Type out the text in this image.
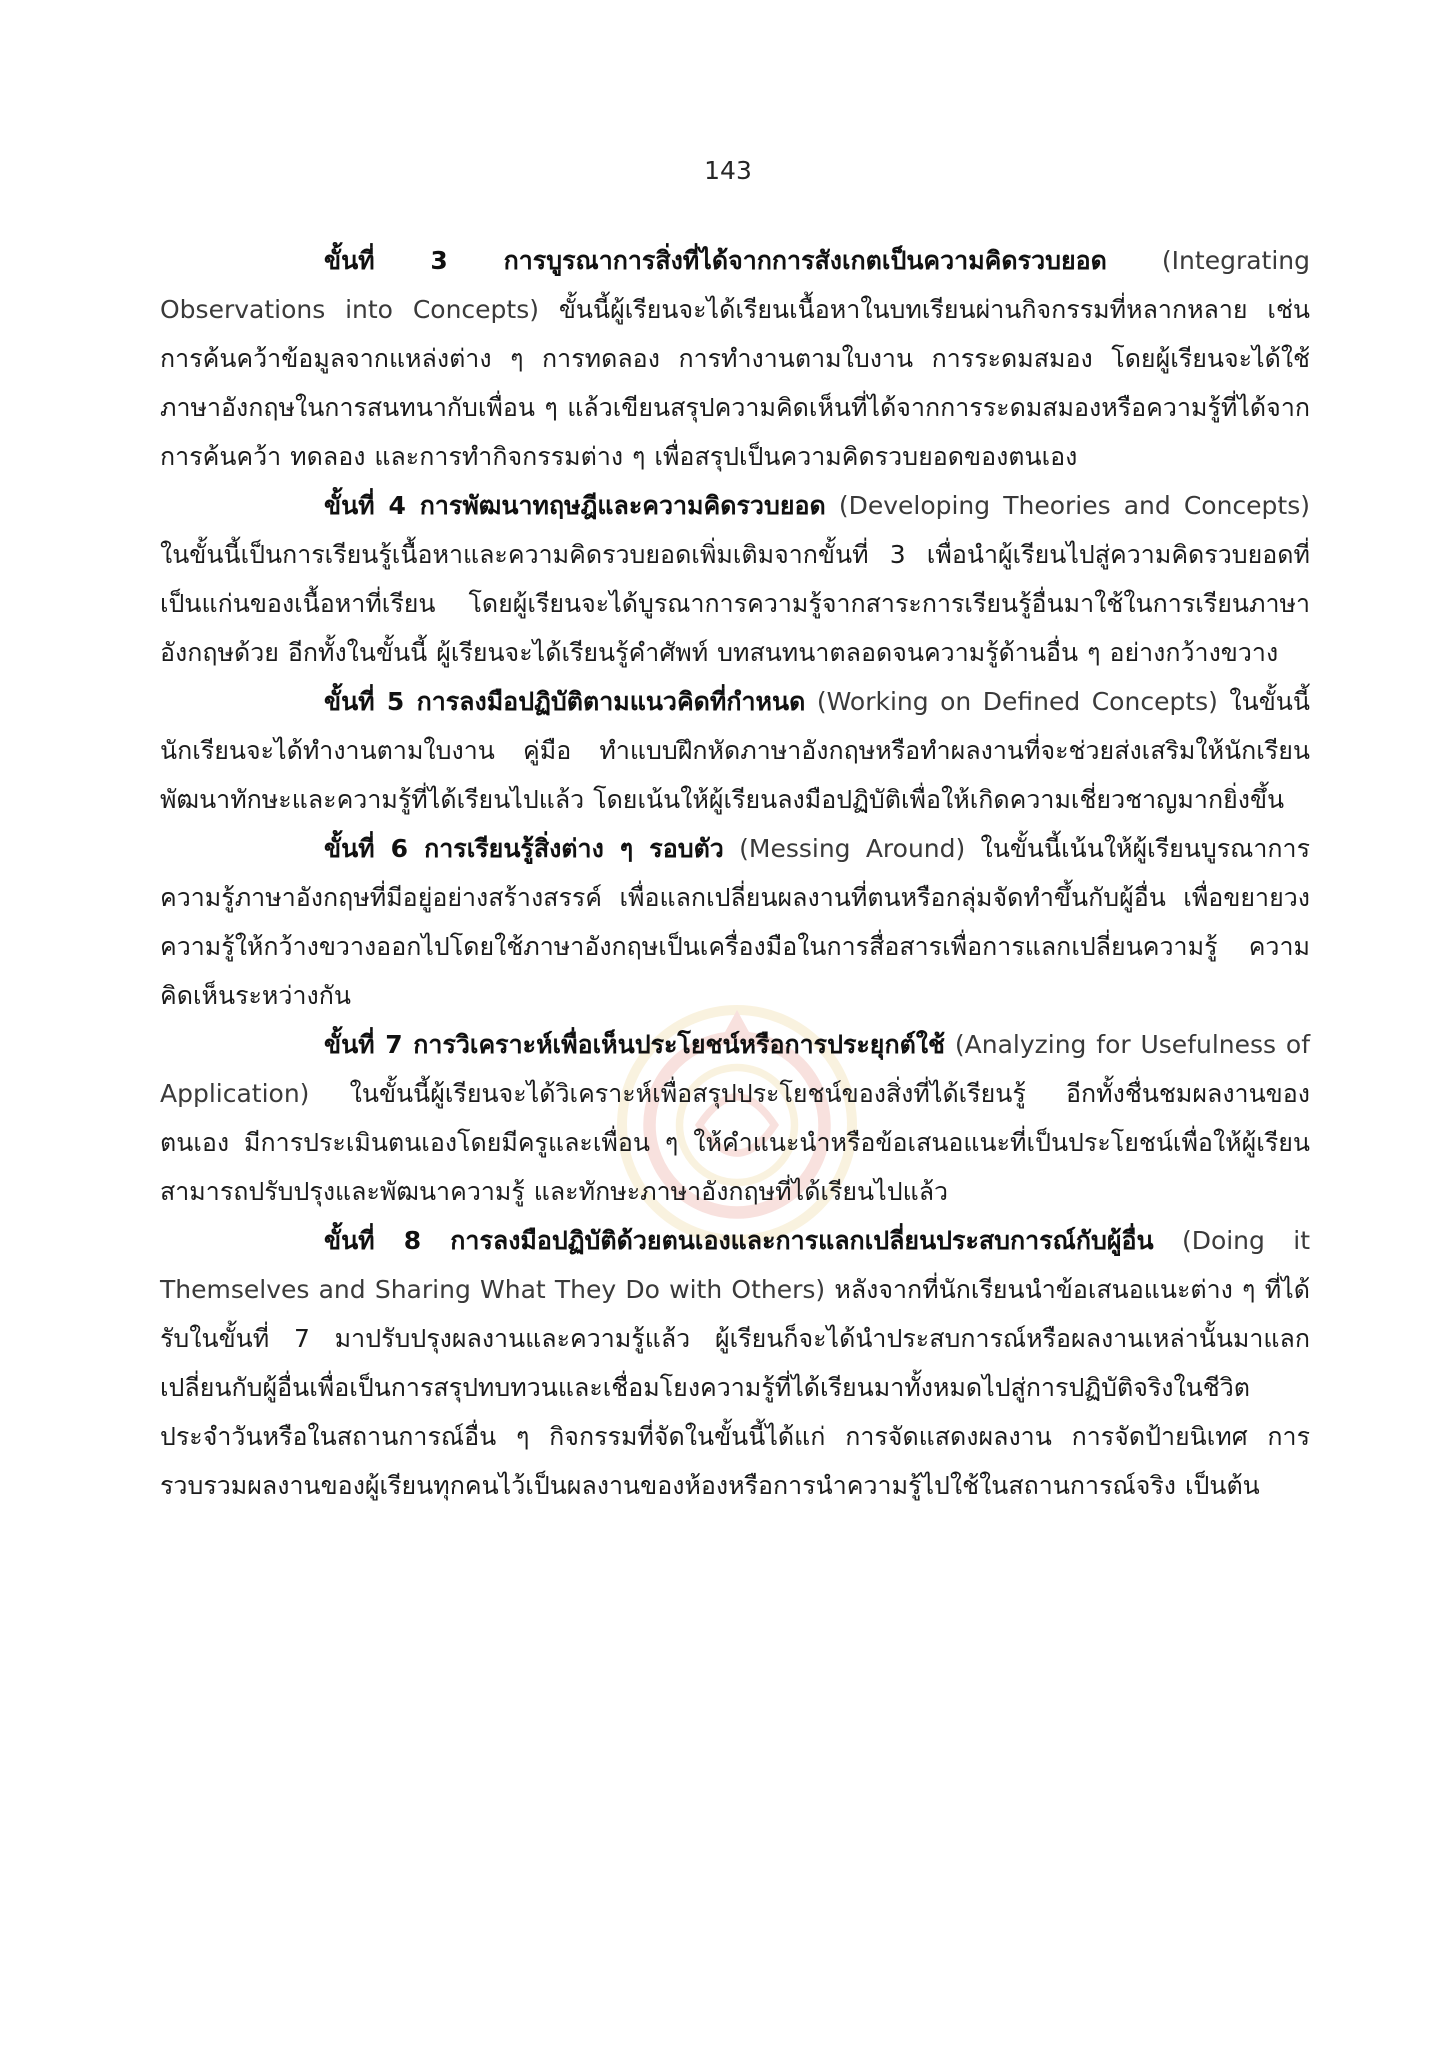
143

ขั้นที่ 3 การบูรณาการสิ่งที่ได้จากการสังเกตเป็นความคิดรวบยอด (Integrating Observations into Concepts) ขั้นนี้ผู้เรียนจะได้เรียนเนื้อหาในบทเรียนผ่านกิจกรรมที่หลากหลาย เช่น การค้นคว้าข้อมูลจากแหล่งต่าง ๆ การทดลอง การทำงานตามใบงาน การระดมสมอง โดยผู้เรียนจะได้ใช้ภาษาอังกฤษในการสนทนากับเพื่อน ๆ แล้วเขียนสรุปความคิดเห็นที่ได้จากการระดมสมองหรือความรู้ที่ได้จากการค้นคว้า ทดลอง และการทำกิจกรรมต่าง ๆ เพื่อสรุปเป็นความคิดรวบยอดของตนเอง

ขั้นที่ 4 การพัฒนาทฤษฎีและความคิดรวบยอด (Developing Theories and Concepts) ในขั้นนี้เป็นการเรียนรู้เนื้อหาและความคิดรวบยอดเพิ่มเติมจากขั้นที่ 3 เพื่อนำผู้เรียนไปสู่ความคิดรวบยอดที่เป็นแก่นของเนื้อหาที่เรียน โดยผู้เรียนจะได้บูรณาการความรู้จากสาระการเรียนรู้อื่นมาใช้ในการเรียนภาษาอังกฤษด้วย อีกทั้งในขั้นนี้ ผู้เรียนจะได้เรียนรู้คำศัพท์ บทสนทนาตลอดจนความรู้ด้านอื่น ๆ อย่างกว้างขวาง

ขั้นที่ 5 การลงมือปฏิบัติตามแนวคิดที่กำหนด (Working on Defined Concepts) ในขั้นนี้นักเรียนจะได้ทำงานตามใบงาน คู่มือ ทำแบบฝึกหัดภาษาอังกฤษหรือทำผลงานที่จะช่วยส่งเสริมให้นักเรียนพัฒนาทักษะและความรู้ที่ได้เรียนไปแล้ว โดยเน้นให้ผู้เรียนลงมือปฏิบัติเพื่อให้เกิดความเชี่ยวชาญมากยิ่งขึ้น

ขั้นที่ 6 การเรียนรู้สิ่งต่าง ๆ รอบตัว (Messing Around) ในขั้นนี้เน้นให้ผู้เรียนบูรณาการความรู้ภาษาอังกฤษที่มีอยู่อย่างสร้างสรรค์ เพื่อแลกเปลี่ยนผลงานที่ตนหรือกลุ่มจัดทำขึ้นกับผู้อื่น เพื่อขยายวงความรู้ให้กว้างขวางออกไปโดยใช้ภาษาอังกฤษเป็นเครื่องมือในการสื่อสารเพื่อการแลกเปลี่ยนความรู้ ความคิดเห็นระหว่างกัน

ขั้นที่ 7 การวิเคราะห์เพื่อเห็นประโยชน์หรือการประยุกต์ใช้ (Analyzing for Usefulness of Application) ในขั้นนี้ผู้เรียนจะได้วิเคราะห์เพื่อสรุปประโยชน์ของสิ่งที่ได้เรียนรู้ อีกทั้งชื่นชมผลงานของตนเอง มีการประเมินตนเองโดยมีครูและเพื่อน ๆ ให้คำแนะนำหรือข้อเสนอแนะที่เป็นประโยชน์เพื่อให้ผู้เรียนสามารถปรับปรุงและพัฒนาความรู้ และทักษะภาษาอังกฤษที่ได้เรียนไปแล้ว

ขั้นที่ 8 การลงมือปฏิบัติด้วยตนเองและการแลกเปลี่ยนประสบการณ์กับผู้อื่น (Doing it Themselves and Sharing What They Do with Others) หลังจากที่นักเรียนนำข้อเสนอแนะต่าง ๆ ที่ได้รับในขั้นที่ 7 มาปรับปรุงผลงานและความรู้แล้ว ผู้เรียนก็จะได้นำประสบการณ์หรือผลงานเหล่านั้นมาแลกเปลี่ยนกับผู้อื่นเพื่อเป็นการสรุปทบทวนและเชื่อมโยงความรู้ที่ได้เรียนมาทั้งหมดไปสู่การปฏิบัติจริงในชีวิตประจำวันหรือในสถานการณ์อื่น ๆ กิจกรรมที่จัดในขั้นนี้ได้แก่ การจัดแสดงผลงาน การจัดป้ายนิเทศ การรวบรวมผลงานของผู้เรียนทุกคนไว้เป็นผลงานของห้องหรือการนำความรู้ไปใช้ในสถานการณ์จริง เป็นต้น
